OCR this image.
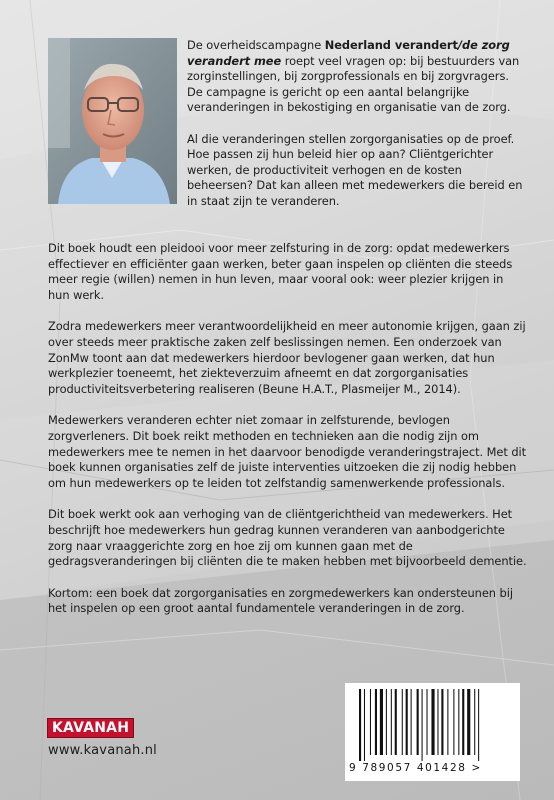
De overheidscampagne Nederland verandert/de zorg verandert mee roept veel vragen op: bij bestuurders van zorginstellingen, bij zorgprofessionals en bij zorgvragers. De campagne is gericht op een aantal belangrijke veranderingen in bekostiging en organisatie van de zorg.

Al die veranderingen stellen zorgorganisaties op de proef. Hoe passen zij hun beleid hier op aan? Cliëntgerichter werken, de productiviteit verhogen en de kosten beheersen? Dat kan alleen met medewerkers die bereid en in staat zijn te veranderen.

Dit boek houdt een pleidooi voor meer zelfsturing in de zorg: opdat medewerkers effectiever en efficiënter gaan werken, beter gaan inspelen op cliënten die steeds meer regie (willen) nemen in hun leven, maar vooral ook: weer plezier krijgen in hun werk.

Zodra medewerkers meer verantwoordelijkheid en meer autonomie krijgen, gaan zij over steeds meer praktische zaken zelf beslissingen nemen. Een onderzoek van ZonMw toont aan dat medewerkers hierdoor bevlogener gaan werken, dat hun werkplezier toeneemt, het ziekteverzuim afneemt en dat zorgorganisaties productiviteitsverbetering realiseren (Beune H.A.T., Plasmeijer M., 2014).

Medewerkers veranderen echter niet zomaar in zelfsturende, bevlogen zorgverleners. Dit boek reikt methoden en technieken aan die nodig zijn om medewerkers mee te nemen in het daarvoor benodigde veranderingstraject. Met dit boek kunnen organisaties zelf de juiste interventies uitzoeken die zij nodig hebben om hun medewerkers op te leiden tot zelfstandig samenwerkende professionals.

Dit boek werkt ook aan verhoging van de cliëntgerichtheid van medewerkers. Het beschrijft hoe medewerkers hun gedrag kunnen veranderen van aanbodgerichte zorg naar vraaggerichte zorg en hoe zij om kunnen gaan met de gedragsveranderingen bij cliënten die te maken hebben met bijvoorbeeld dementie.

Kortom: een boek dat zorgorganisaties en zorgmedewerkers kan ondersteunen bij het inspelen op een groot aantal fundamentele veranderingen in de zorg.

KAVANAH
www.kavanah.nl
9 789057 401428 >
